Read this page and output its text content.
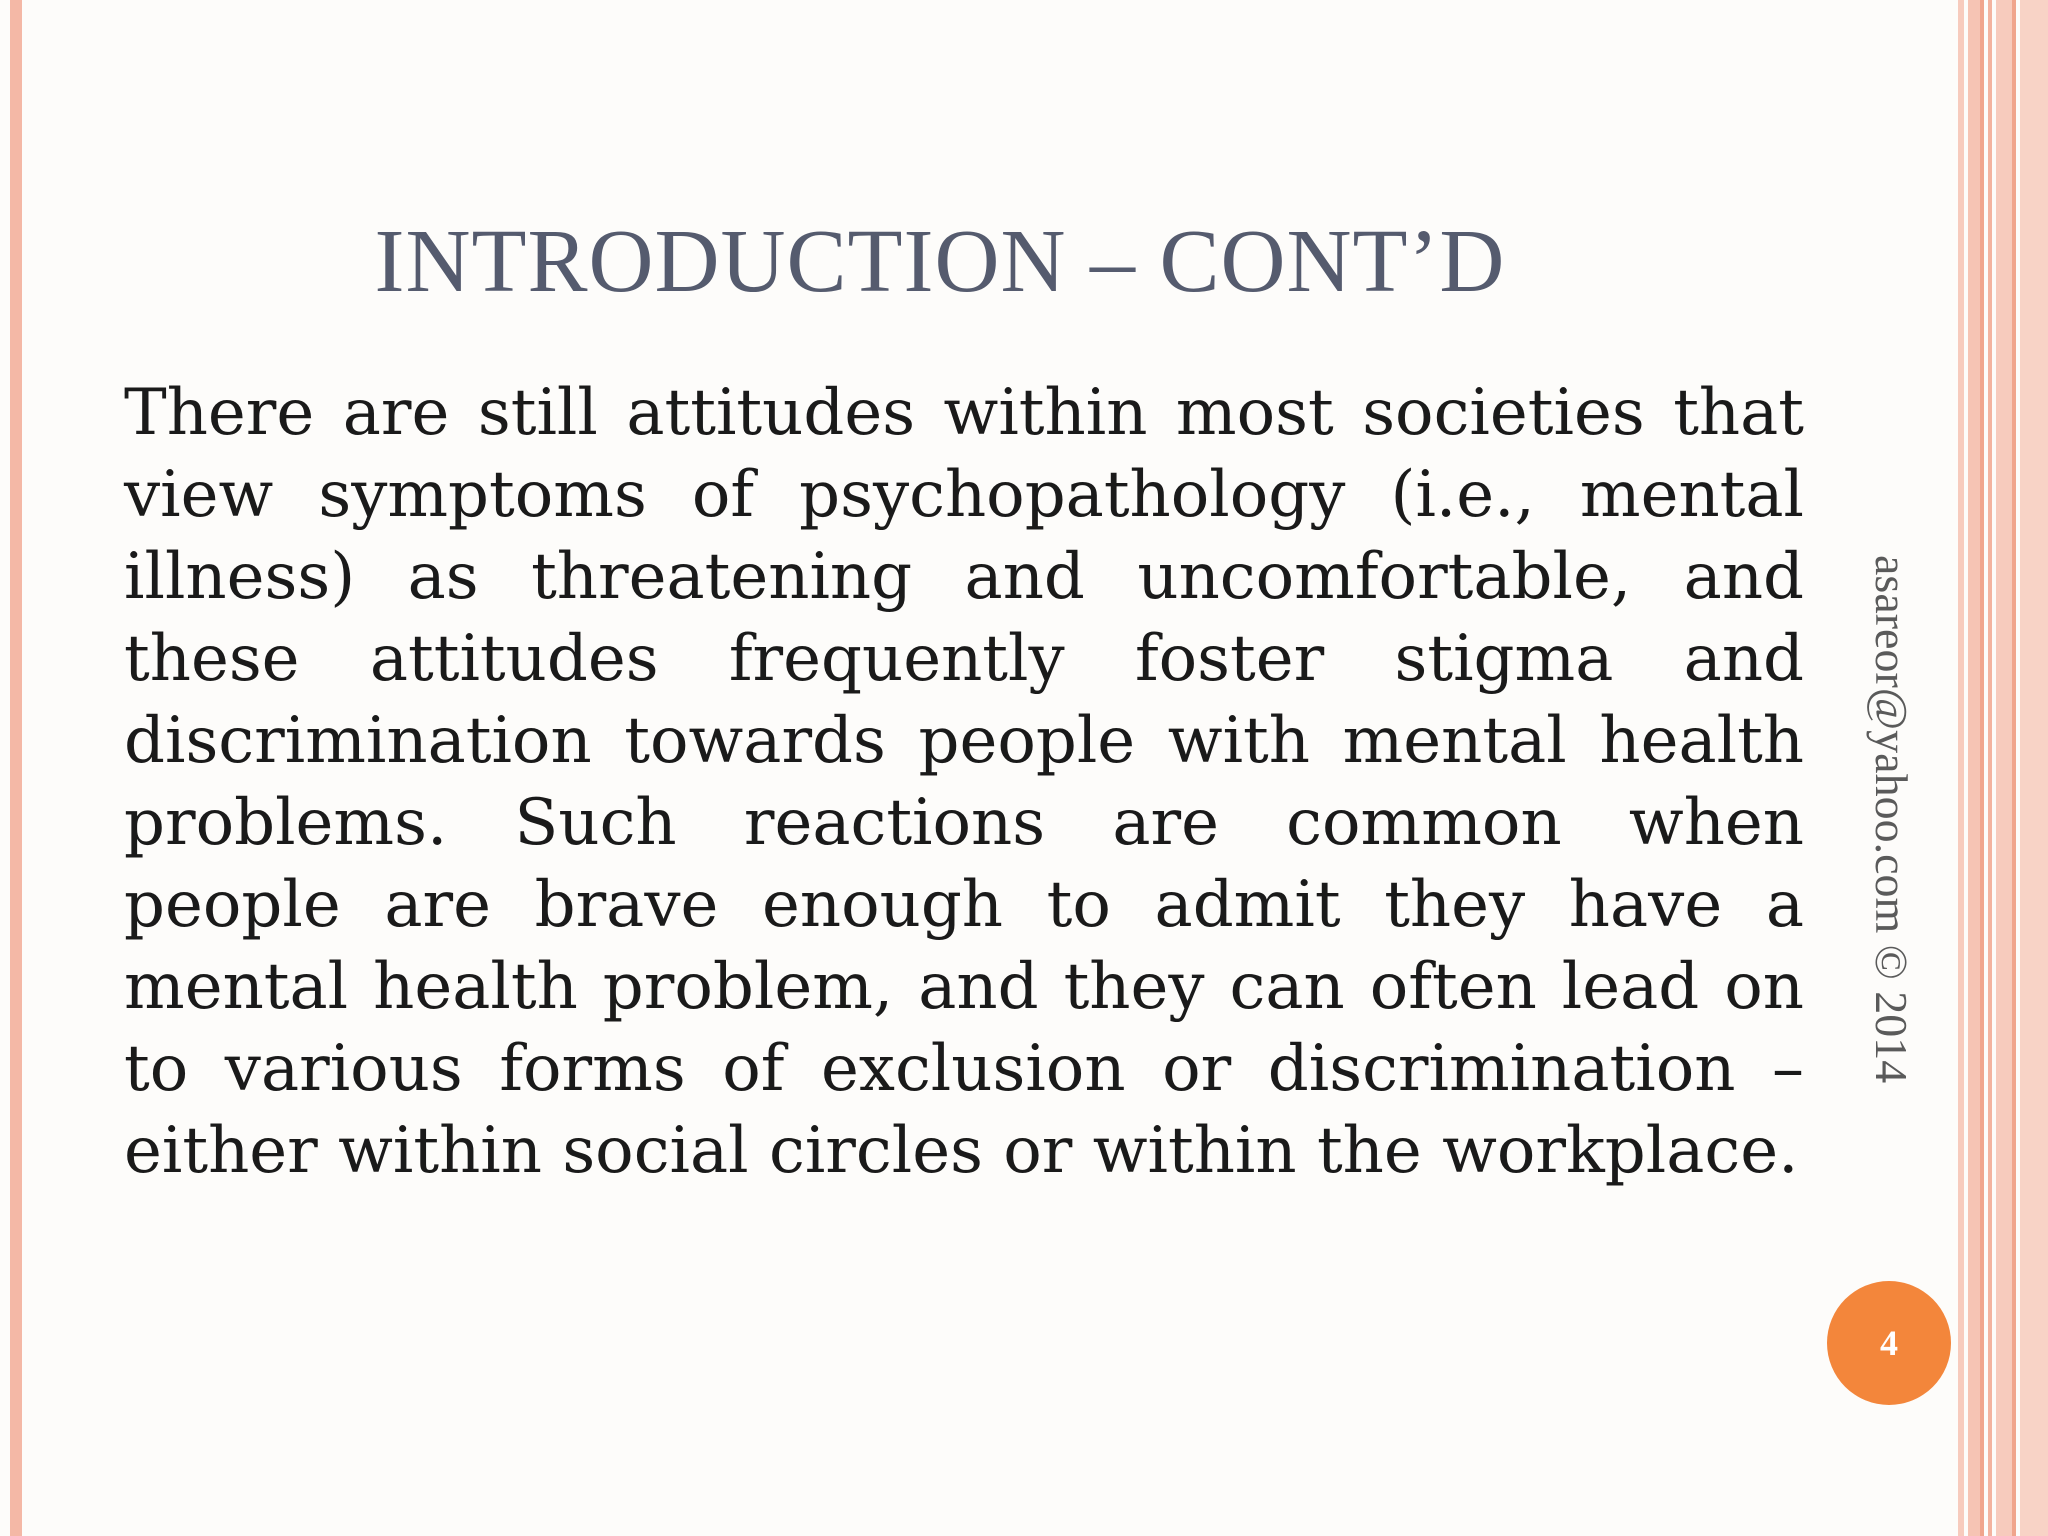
INTRODUCTION – CONT’D

There are still attitudes within most societies that view symptoms of psychopathology (i.e., mental illness) as threatening and uncomfortable, and these attitudes frequently foster stigma and discrimination towards people with mental health problems. Such reactions are common when people are brave enough to admit they have a mental health problem, and they can often lead on to various forms of exclusion or discrimination – either within social circles or within the workplace.

asareor@yahoo.com © 2014
4
